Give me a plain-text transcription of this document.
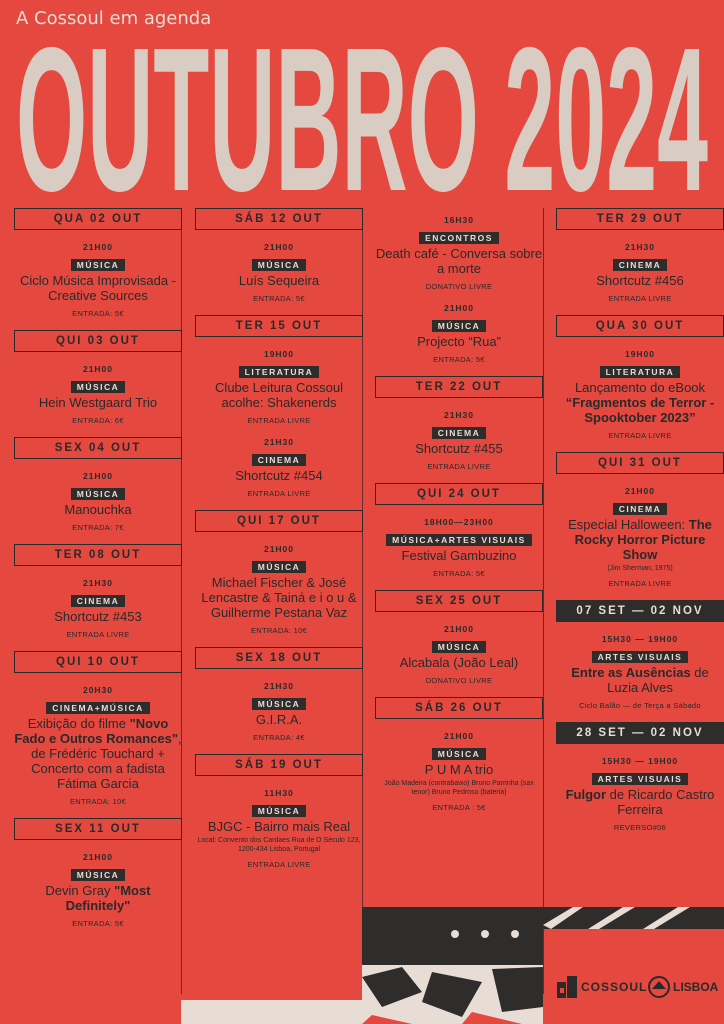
A Cossoul em agenda
OUTUBRO 2024
QUA 02 OUT
21H00
MÚSICA
Ciclo Música Improvisada - Creative Sources
ENTRADA: 5€
QUI 03 OUT
21H00
MÚSICA
Hein Westgaard Trio
ENTRADA: 6€
SEX 04 OUT
21H00
MÚSICA
Manouchka
ENTRADA: 7€
TER 08 OUT
21H30
CINEMA
Shortcutz #453
ENTRADA LIVRE
QUI 10 OUT
20H30
CINEMA+MÚSICA
Exibição do filme "Novo Fado e Outros Romances", de Frédéric Touchard + Concerto com a fadista Fátima Garcia
ENTRADA: 10€
SEX 11 OUT
21H00
MÚSICA
Devin Gray "Most Definitely"
ENTRADA: 5€
SÁB 12 OUT
21H00
MÚSICA
Luís Sequeira
ENTRADA: 5€
TER 15 OUT
19H00
LITERATURA
Clube Leitura Cossoul acolhe: Shakenerds
ENTRADA LIVRE
21H30
CINEMA
Shortcutz #454
ENTRADA LIVRE
QUI 17 OUT
21H00
MÚSICA
Michael Fischer & José Lencastre & Tainá e i o u & Guilherme Pestana Vaz
ENTRADA: 10€
SEX 18 OUT
21H30
MÚSICA
G.I.R.A.
ENTRADA: 4€
SÁB 19 OUT
11H30
MÚSICA
BJGC - Bairro mais Real
Local: Convento dos Cardaes Rua de O Século 123, 1200-434 Lisboa, Portugal
ENTRADA LIVRE
16H30
ENCONTROS
Death café - Conversa sobre a morte
DONATIVO LIVRE
21H00
MÚSICA
Projecto “Rua”
ENTRADA: 5€
TER 22 OUT
21H30
CINEMA
Shortcutz #455
ENTRADA LIVRE
QUI 24 OUT
18H00—23H00
MÚSICA+ARTES VISUAIS
Festival Gambuzino
ENTRADA: 5€
SEX 25 OUT
21H00
MÚSICA
Alcabala (João Leal)
DONATIVO LIVRE
SÁB 26 OUT
21H00
MÚSICA
P U M A trio
João Madeira (contrabaixo) Bruno Parrinha (sax tenor) Bruno Pedroso (bateria)
ENTRADA : 5€
TER 29 OUT
21H30
CINEMA
Shortcutz #456
ENTRADA LIVRE
QUA 30 OUT
19H00
LITERATURA
Lançamento do eBook “Fragmentos de Terror - Spooktober 2023”
ENTRADA LIVRE
QUI 31 OUT
21H00
CINEMA
Especial Halloween: The Rocky Horror Picture Show
(Jim Sherman, 1975)
ENTRADA LIVRE
07 SET — 02 NOV
15H30 — 19H00
ARTES VISUAIS
Entre as Ausências de Luzia Alves
Ciclo Balão — de Terça a Sábado
28 SET — 02 NOV
15H30 — 19H00
ARTES VISUAIS
Fulgor de Ricardo Castro Ferreira
REVERSO#06
COSSOUL LISBOA
